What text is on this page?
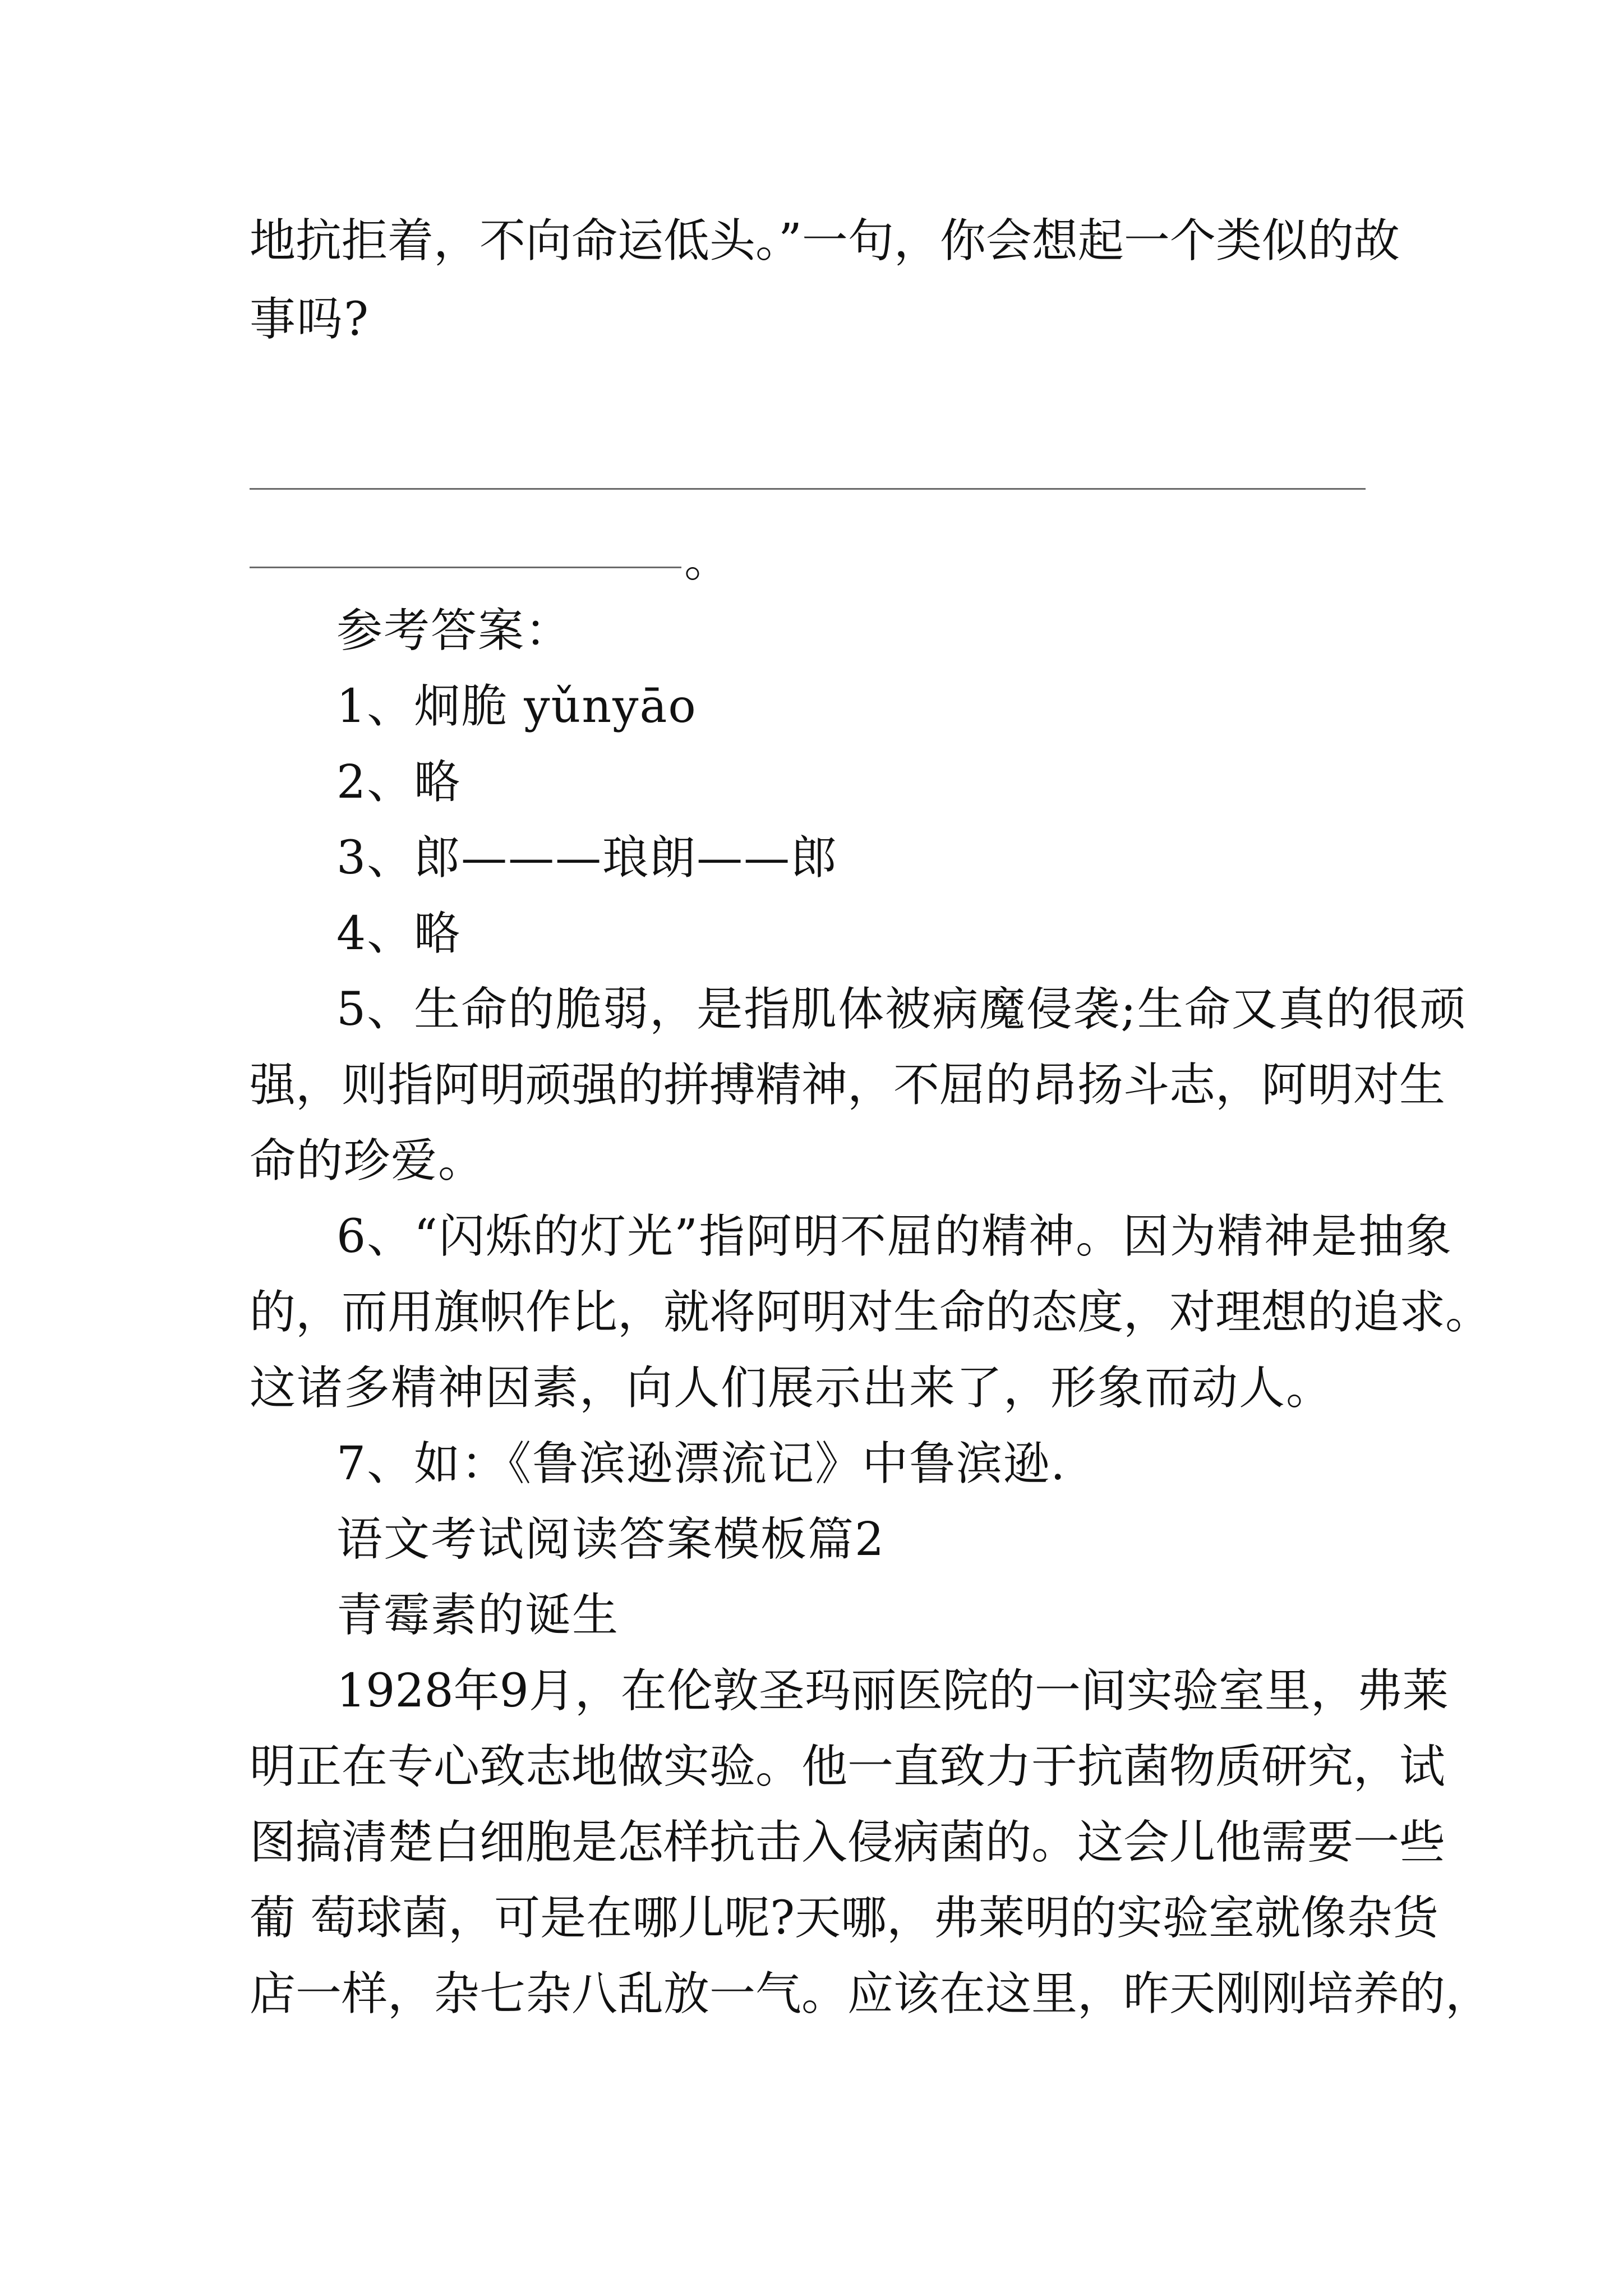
地抗拒着，不向命运低头。”一句，你会想起一个类似的故
事吗?
。
参考答案：
1、炯脆 yǔnyāo
2、略
3、郎———琅朗——郎
4、略
5、生命的脆弱，是指肌体被病魔侵袭;生命又真的很顽
强，则指阿明顽强的拼搏精神，不屈的昂扬斗志，阿明对生
命的珍爱。
6、“闪烁的灯光”指阿明不屈的精神。因为精神是抽象
的，而用旗帜作比，就将阿明对生命的态度，对理想的追求。
这诸多精神因素，向人们展示出来了，形象而动人。
7、如：《鲁滨逊漂流记》中鲁滨逊.
语文考试阅读答案模板篇2
青霉素的诞生
1928年9月，在伦敦圣玛丽医院的一间实验室里，弗莱
明正在专心致志地做实验。他一直致力于抗菌物质研究，试
图搞清楚白细胞是怎样抗击入侵病菌的。这会儿他需要一些
葡 萄球菌，可是在哪儿呢?天哪，弗莱明的实验室就像杂货
店一样，杂七杂八乱放一气。应该在这里，昨天刚刚培养的，
